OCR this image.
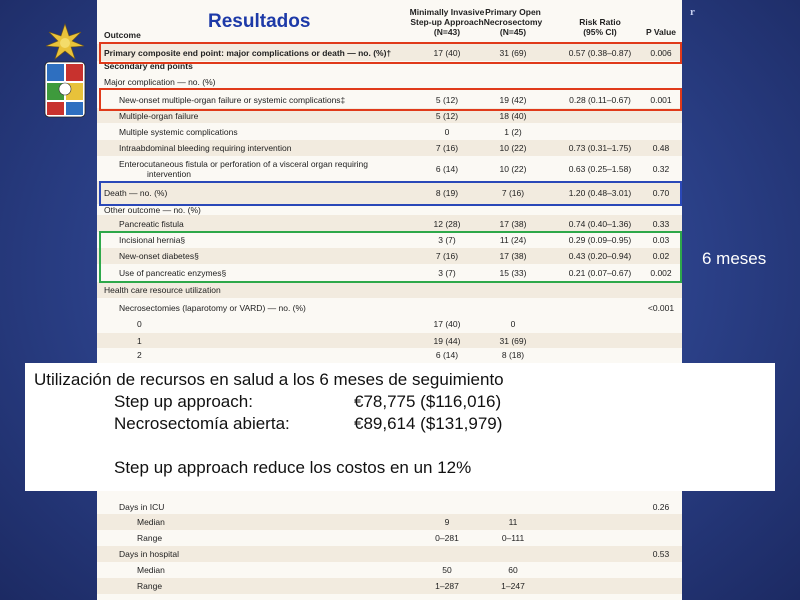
r
Outcome
Minimally Invasive
Step-up Approach
(N=43)
Primary Open
Necrosectomy
(N=45)
Risk Ratio
(95% CI)	P Value
Primary composite end point: major complications or death — no. (%)†	17 (40)	31 (69)	0.57 (0.38–0.87)	0.006
Secondary end points
Major complication — no. (%)
New-onset multiple-organ failure or systemic complications‡	5 (12)	19 (42)	0.28 (0.11–0.67)	0.001
Multiple-organ failure	5 (12)	18 (40)
Multiple systemic complications	0	1 (2)
Intraabdominal bleeding requiring intervention	7 (16)	10 (22)	0.73 (0.31–1.75)	0.48
Enterocutaneous fistula or perforation of a visceral organ requiring
intervention
6 (14)	10 (22)	0.63 (0.25–1.58)	0.32
Death — no. (%)	8 (19)	7 (16)	1.20 (0.48–3.01)	0.70
Other outcome — no. (%)
Pancreatic fistula	12 (28)	17 (38)	0.74 (0.40–1.36)	0.33
Incisional hernia§	3 (7)	11 (24)	0.29 (0.09–0.95)	0.03
New-onset diabetes§	7 (16)	17 (38)	0.43 (0.20–0.94)	0.02
Use of pancreatic enzymes§	3 (7)	15 (33)	0.21 (0.07–0.67)	0.002
Health care resource utilization
Necrosectomies (laparotomy or VARD) — no. (%)	<0.001
0	17 (40)	0
1	19 (44)	31 (69)
2	6 (14)	8 (18)
Days in ICU	0.26
Median	9	11
Range	0–281	0–111
Days in hospital	0.53
Median	50	60
Range	1–287	1–247
Resultados
6 meses
Utilización de recursos en salud a los 6 meses de seguimiento
Step up approach:	€78,775 ($116,016)
Necrosectomía abierta:	€89,614 ($131,979)
Step up approach reduce los costos en un 12%
